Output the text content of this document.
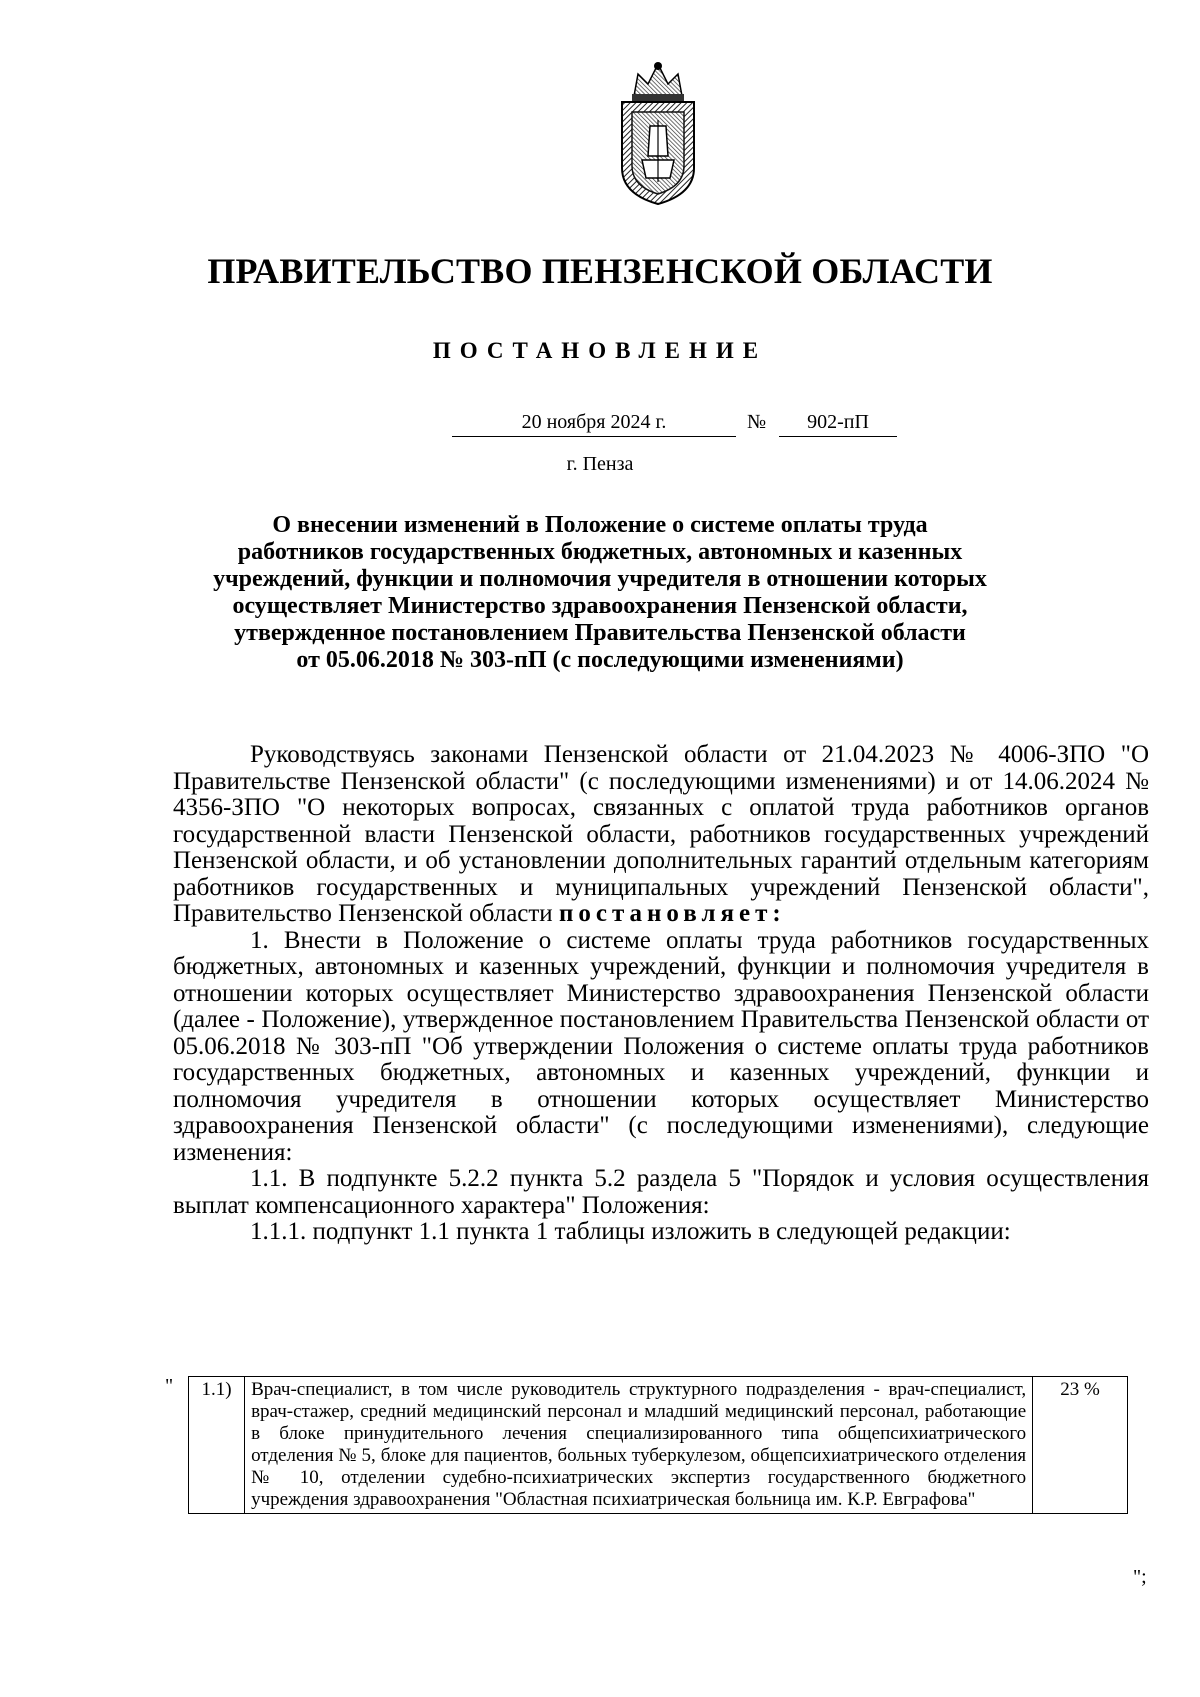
ПРАВИТЕЛЬСТВО ПЕНЗЕНСКОЙ ОБЛАСТИ
ПОСТАНОВЛЕНИЕ
20 ноября 2024 г.	№	902-пП
г. Пенза
О внесении изменений в Положение о системе оплаты труда
работников государственных бюджетных, автономных и казенных
учреждений, функции и полномочия учредителя в отношении которых
осуществляет Министерство здравоохранения Пензенской области,
утвержденное постановлением Правительства Пензенской области
от 05.06.2018 № 303-пП (с последующими изменениями)

Руководствуясь законами Пензенской области от 21.04.2023 № 4006-ЗПО "О Правительстве Пензенской области" (с последующими изменениями) и от 14.06.2024 № 4356-ЗПО "О некоторых вопросах, связанных с оплатой труда работников органов государственной власти Пензенской области, работников государственных учреждений Пензенской области, и об установлении дополнительных гарантий отдельным категориям работников государственных и муниципальных учреждений Пензенской области", Правительство Пензенской области постановляет:

1. Внести в Положение о системе оплаты труда работников государственных бюджетных, автономных и казенных учреждений, функции и полномочия учредителя в отношении которых осуществляет Министерство здравоохранения Пензенской области (далее - Положение), утвержденное постановлением Правительства Пензенской области от 05.06.2018 № 303-пП "Об утверждении Положения о системе оплаты труда работников государственных бюджетных, автономных и казенных учреждений, функции и полномочия учредителя в отношении которых осуществляет Министерство здравоохранения Пензенской области" (с последующими изменениями), следующие изменения:

1.1. В подпункте 5.2.2 пункта 5.2 раздела 5 "Порядок и условия осуществления выплат компенсационного характера" Положения:

1.1.1. подпункт 1.1 пункта 1 таблицы изложить в следующей редакции:

" 1.1)	Врач-специалист, в том числе руководитель структурного подразделения - врач-специалист, врач-стажер, средний медицинский персонал и младший медицинский персонал, работающие в блоке принудительного лечения специализированного типа общепсихиатрического отделения № 5, блоке для пациентов, больных туберкулезом, общепсихиатрического отделения № 10, отделении судебно-психиатрических экспертиз государственного бюджетного учреждения здравоохранения "Областная психиатрическая больница им. К.Р. Евграфова"	23 %
";
